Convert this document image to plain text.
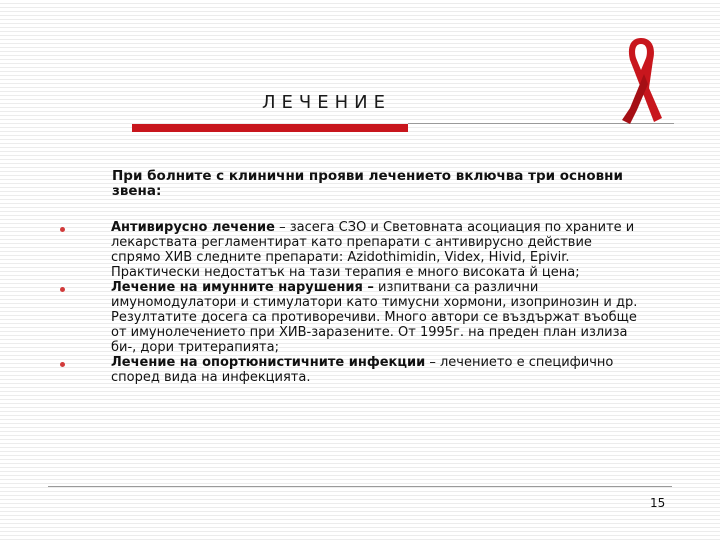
ЛЕЧЕНИЕ
При болните с клинични прояви лечението включва три основни звена:
Антивирусно лечение – засега СЗО и Световната асоциация по храните и лекарствата регламентират като препарати с антивирусно действие спрямо ХИВ следните препарати: Azidothimidin, Videx, Hivid, Epivir. Практически недостатък на тази терапия е много високата й цена;
Лечение на имунните нарушения – изпитвани са различни имуномодулатори и стимулатори като тимусни хормони, изопринозин и др. Резултатите досега са противоречиви. Много автори се въздържат въобще от имунолечението при ХИВ-заразените. От 1995г. на преден план излиза би-, дори тритерапията;
Лечение на опортюнистичните инфекции – лечението е специфично според вида на инфекцията.
15
